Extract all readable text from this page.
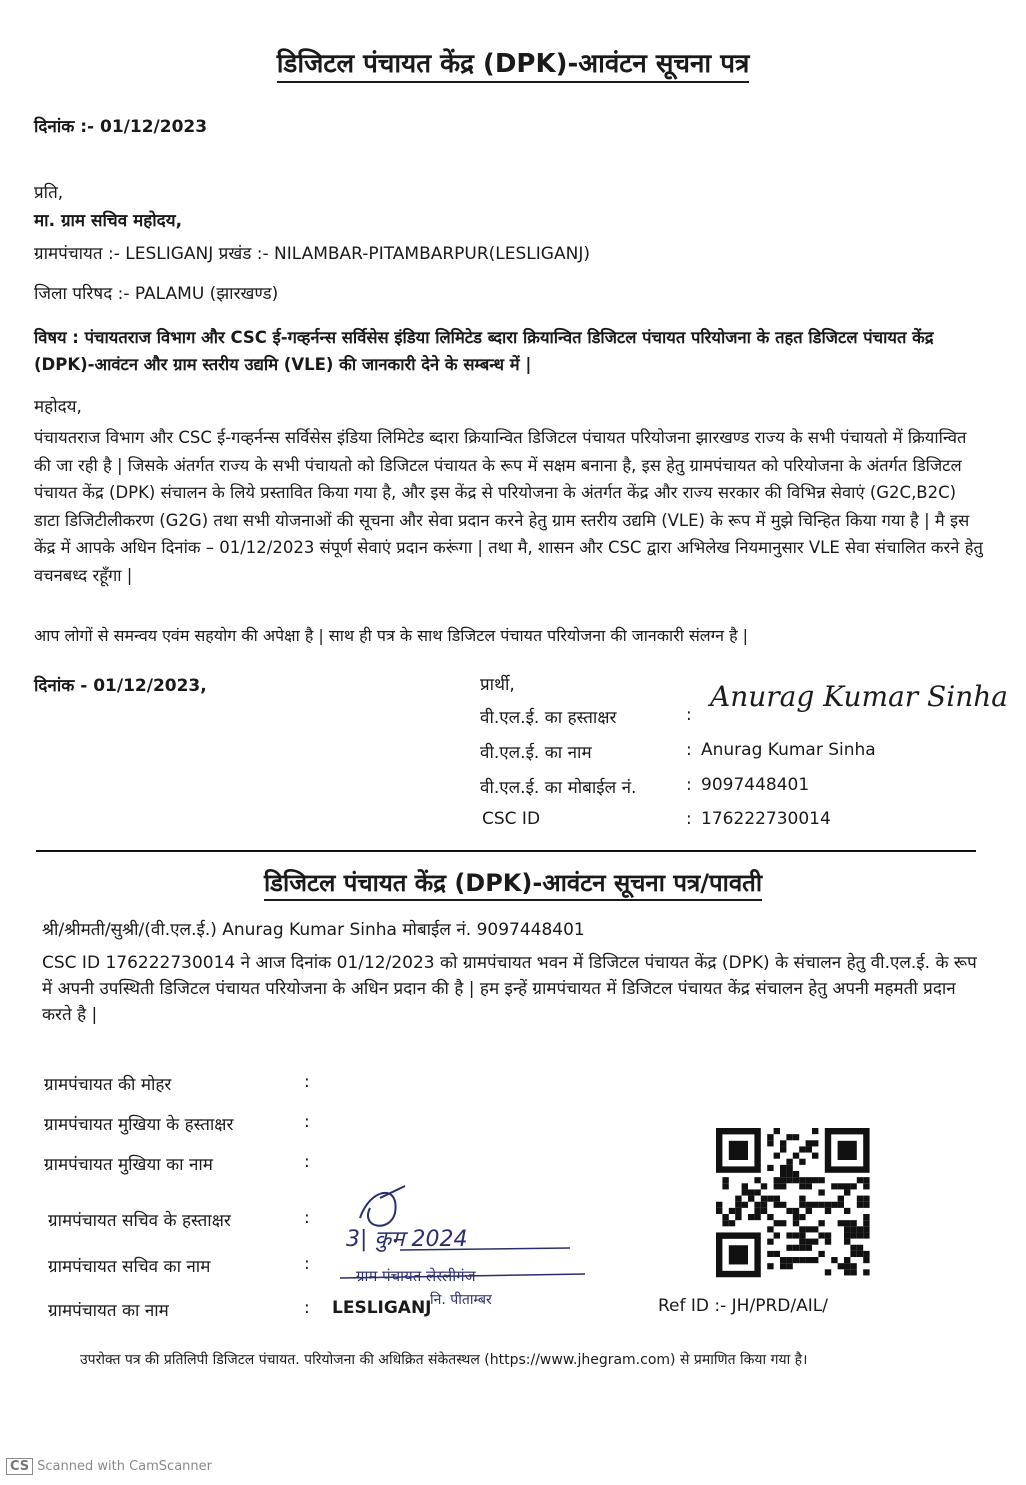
डिजिटल पंचायत केंद्र (DPK)-आवंटन सूचना पत्र
दिनांक :- 01/12/2023
प्रति,
मा. ग्राम सचिव महोदय,
ग्रामपंचायत :- LESLIGANJ प्रखंड :- NILAMBAR-PITAMBARPUR(LESLIGANJ)
जिला परिषद :- PALAMU (झारखण्ड)
विषय : पंचायतराज विभाग और CSC ई-गव्हर्नन्स सर्विसेस इंडिया लिमिटेड ब्दारा क्रियान्वित डिजिटल पंचायत परियोजना के तहत डिजिटल पंचायत केंद्र (DPK)-आवंटन और ग्राम स्तरीय उद्यमि (VLE) की जानकारी देने के सम्बन्ध में |
महोदय,
पंचायतराज विभाग और CSC ई-गव्हर्नन्स सर्विसेस इंडिया लिमिटेड ब्दारा क्रियान्वित डिजिटल पंचायत परियोजना झारखण्ड राज्य के सभी पंचायतो में क्रियान्वित की जा रही है | जिसके अंतर्गत राज्य के सभी पंचायतो को डिजिटल पंचायत के रूप में सक्षम बनाना है, इस हेतु ग्रामपंचायत को परियोजना के अंतर्गत डिजिटल पंचायत केंद्र (DPK) संचालन के लिये प्रस्तावित किया गया है, और इस केंद्र से परियोजना के अंतर्गत केंद्र और राज्य सरकार की विभिन्न सेवाएं (G2C,B2C) डाटा डिजिटीलीकरण (G2G) तथा सभी योजनाओं की सूचना और सेवा प्रदान करने हेतु ग्राम स्तरीय उद्यमि (VLE) के रूप में मुझे चिन्हित किया गया है | मै इस केंद्र में आपके अधिन दिनांक – 01/12/2023 संपूर्ण सेवाएं प्रदान करूंगा | तथा मै, शासन और CSC द्वारा अभिलेख नियमानुसार VLE सेवा संचालित करने हेतु वचनबध्द रहूँगा |
आप लोगों से समन्वय एवंम सहयोग की अपेक्षा है | साथ ही पत्र के साथ डिजिटल पंचायत परियोजना की जानकारी संलग्न है |
दिनांक - 01/12/2023,	प्रार्थी,
वी.एल.ई. का हस्ताक्षर	:
Anurag Kumar Sinha
वी.एल.ई. का नाम	: Anurag Kumar Sinha
वी.एल.ई. का मोबाईल नं.	: 9097448401
CSC ID	: 176222730014
डिजिटल पंचायत केंद्र (DPK)-आवंटन सूचना पत्र/पावती
श्री/श्रीमती/सुश्री/(वी.एल.ई.) Anurag Kumar Sinha मोबाईल नं. 9097448401
CSC ID 176222730014 ने आज दिनांक 01/12/2023 को ग्रामपंचायत भवन में डिजिटल पंचायत केंद्र (DPK) के संचालन हेतु वी.एल.ई. के रूप में अपनी उपस्थिती डिजिटल पंचायत परियोजना के अधिन प्रदान की है | हम इन्हें ग्रामपंचायत में डिजिटल पंचायत केंद्र संचालन हेतु अपनी महमती प्रदान करते है |
ग्रामपंचायत की मोहर	:
ग्रामपंचायत मुखिया के हस्ताक्षर	:
ग्रामपंचायत मुखिया का नाम	:
ग्रामपंचायत सचिव के हस्ताक्षर	:
ग्रामपंचायत सचिव का नाम	:
ग्रामपंचायत का नाम	: LESLIGANJ
3| कुम 2024
ग्राम पंचायत लेस्लीगंज
नि. पीताम्बर	Ref ID :- JH/PRD/AIL/
उपरोक्त पत्र की प्रतिलिपी डिजिटल पंचायत. परियोजना की अधिक्रित संकेतस्थल (https://www.jhegram.com) से प्रमाणित किया गया है।
CS Scanned with CamScanner
